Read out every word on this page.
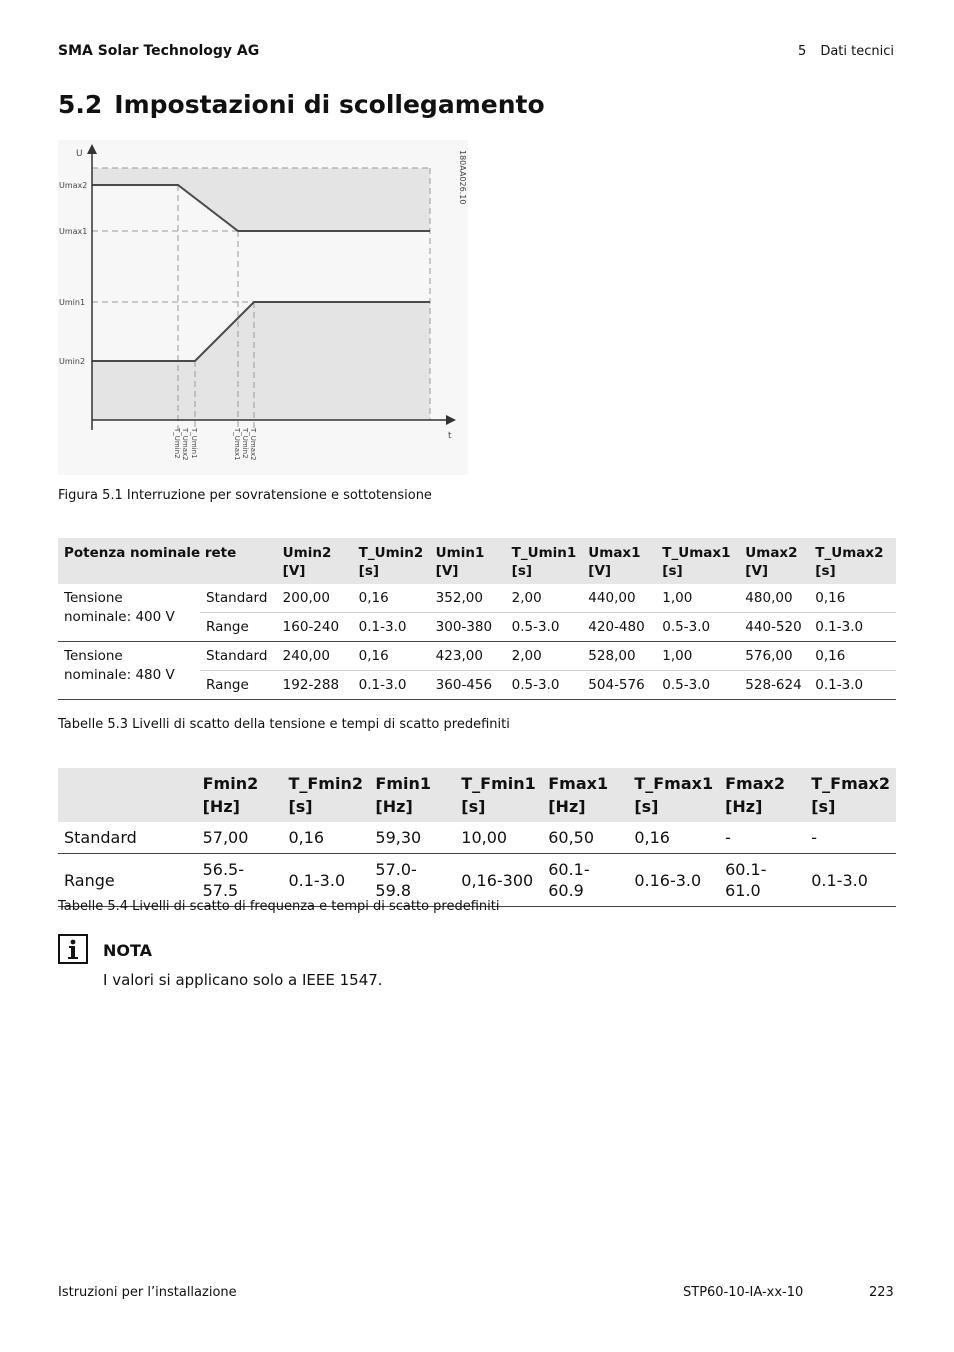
SMA Solar Technology AG	5 Dati tecnici
5.2 Impostazioni di scollegamento
U
t
Umax2
Umax1
Umin1
Umin2
180AA026.10
T_Umin2 T_Umax2 T_Umin1	T_Umax1 T_Umin2 T_Umax2
Figura 5.1 Interruzione per sovratensione e sottotensione
Potenza nominale rete		Umin2 [V]	T_Umin2 [s]	Umin1 [V]	T_Umin1 [s]	Umax1 [V]	T_Umax1 [s]	Umax2 [V]	T_Umax2 [s]
Tensione nominale: 400 V	Standard	200,00	0,16	352,00	2,00	440,00	1,00	480,00	0,16
	Range	160-240	0.1-3.0	300-380	0.5-3.0	420-480	0.5-3.0	440-520	0.1-3.0
Tensione nominale: 480 V	Standard	240,00	0,16	423,00	2,00	528,00	1,00	576,00	0,16
	Range	192-288	0.1-3.0	360-456	0.5-3.0	504-576	0.5-3.0	528-624	0.1-3.0
Tabelle 5.3 Livelli di scatto della tensione e tempi di scatto predefiniti
	Fmin2 [Hz]	T_Fmin2 [s]	Fmin1 [Hz]	T_Fmin1 [s]	Fmax1 [Hz]	T_Fmax1 [s]	Fmax2 [Hz]	T_Fmax2 [s]
Standard	57,00	0,16	59,30	10,00	60,50	0,16	-	-
Range	56.5-57.5	0.1-3.0	57.0-59.8	0,16-300	60.1-60.9	0.16-3.0	60.1-61.0	0.1-3.0
Tabelle 5.4 Livelli di scatto di frequenza e tempi di scatto predefiniti
NOTA
I valori si applicano solo a IEEE 1547.
Istruzioni per l’installazione	STP60-10-IA-xx-10	223
